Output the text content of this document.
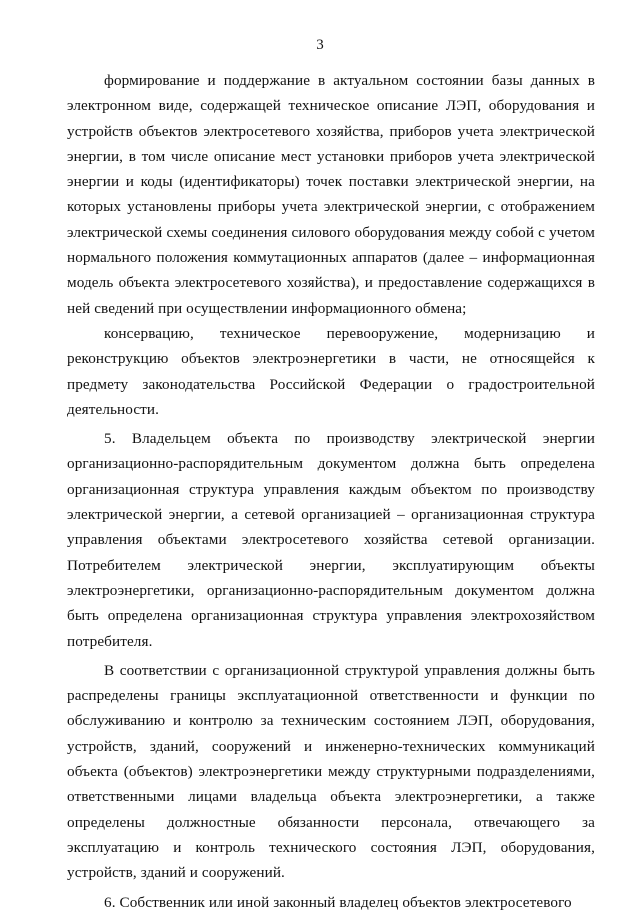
3

формирование и поддержание в актуальном состоянии базы данных в электронном виде, содержащей техническое описание ЛЭП, оборудования и устройств объектов электросетевого хозяйства, приборов учета электрической энергии, в том числе описание мест установки приборов учета электрической энергии и коды (идентификаторы) точек поставки электрической энергии, на которых установлены приборы учета электрической энергии, с отображением электрической схемы соединения силового оборудования между собой с учетом нормального положения коммутационных аппаратов (далее – информационная модель объекта электросетевого хозяйства), и предоставление содержащихся в ней сведений при осуществлении информационного обмена;

консервацию, техническое перевооружение, модернизацию и реконструкцию объектов электроэнергетики в части, не относящейся к предмету законодательства Российской Федерации о градостроительной деятельности.

5. Владельцем объекта по производству электрической энергии организационно-распорядительным документом должна быть определена организационная структура управления каждым объектом по производству электрической энергии, а сетевой организацией – организационная структура управления объектами электросетевого хозяйства сетевой организации. Потребителем электрической энергии, эксплуатирующим объекты электроэнергетики, организационно-распорядительным документом должна быть определена организационная структура управления электрохозяйством потребителя.

В соответствии с организационной структурой управления должны быть распределены границы эксплуатационной ответственности и функции по обслуживанию и контролю за техническим состоянием ЛЭП, оборудования, устройств, зданий, сооружений и инженерно-технических коммуникаций объекта (объектов) электроэнергетики между структурными подразделениями, ответственными лицами владельца объекта электроэнергетики, а также определены должностные обязанности персонала, отвечающего за эксплуатацию и контроль технического состояния ЛЭП, оборудования, устройств, зданий и сооружений.

6. Собственник или иной законный владелец объектов электросетевого
